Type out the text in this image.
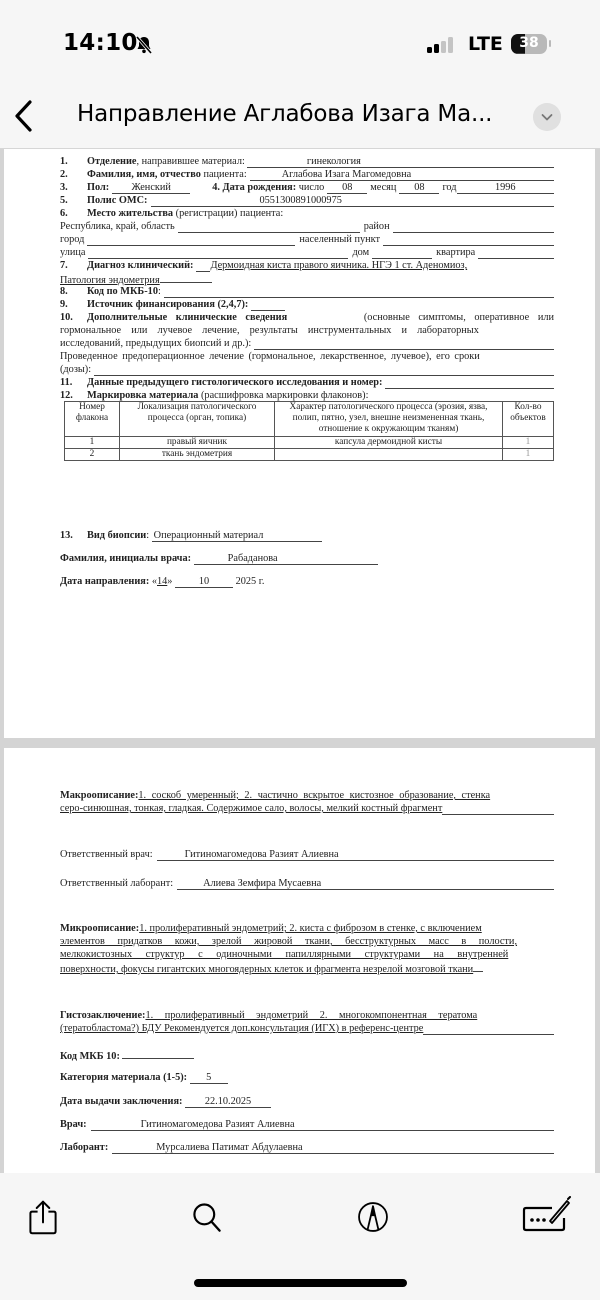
14:10	LTE	38
Направление Аглабова Изага Ма...
1.	Отделение , направившее материал:	гинекология
2.	Фамилия, имя, отчество
пациента:	Аглабова Изага Магомедовна
3.	Пол:	Женский	4. Дата рождения:
число	08	месяц	08	год	1996
5.	Полис ОМС:	0551300891000975
6. Место жительства (регистрации) пациента:
Республика, край, область	район
город	населенный пункт
улица	дом	квартира
7.	Диагноз клинический: Дермоидная киста правого яичника. НГЭ 1 ст. Аденомиоз,
Патология эндометрия
8.	Код по МКБ-10 :
9.	Источник финансирования (2,4,7):
10. Дополнительные клинические сведения	(основные симптомы, оперативное или
гормональное или лучевое лечение, результаты инструментальных и лабораторных
исследований, предыдущих биопсий и др.):
Проведенное предоперационное лечение (гормональное, лекарственное, лучевое), его сроки
(дозы):
11.	Данные предыдущего гистологического исследования и номер:
12. Маркировка материала (расшифровка маркировки флаконов):
Номер флакона	Локализация патологического процесса (орган, топика)	Характер патологического процесса (эрозия, язва, полип, пятно, узел, внешне неизмененная ткань, отношение к окружающим тканям)	Кол-во объектов
1	правый яичник	капсула дермоидной кисты	1
2	ткань эндометрия		1
13. Вид биопсии: Операционный материал
Фамилия, инициалы врача:	Рабаданова
Дата направления: «14»	10	2025 г.
Макроописание:1. соскоб умеренный; 2. частично вскрытое кистозное образование, стенка
серо-синюшная, тонкая, гладкая. Содержимое сало, волосы, мелкий костный фрагмент
Ответственный врач:	Гитиномагомедова Разият Алиевна
Ответственный лаборант:	Алиева Земфира Мусаевна
Микроописание:1. пролиферативный эндометрий; 2. киста с фиброзом в стенке, с включением
элементов придатков кожи, зрелой жировой ткани, бесструктурных масс в полости,
мелкокистозных структур с одиночными папиллярными структурами на внутренней
поверхности, фокусы гигантских многоядерных клеток и фрагмента незрелой мозговой ткани
Гистозаключение:1. пролиферативный эндометрий 2. многокомпонентная тератома
(тератобластома?) БДУ Рекомендуется доп.консультация (ИГХ) в референс-центре
Код МКБ 10:
Категория материала (1-5): 5
Дата выдачи заключения: 22.10.2025
Врач:	Гитиномагомедова Разият Алиевна
Лаборант:	Мурсалиева Патимат Абдулаевна
